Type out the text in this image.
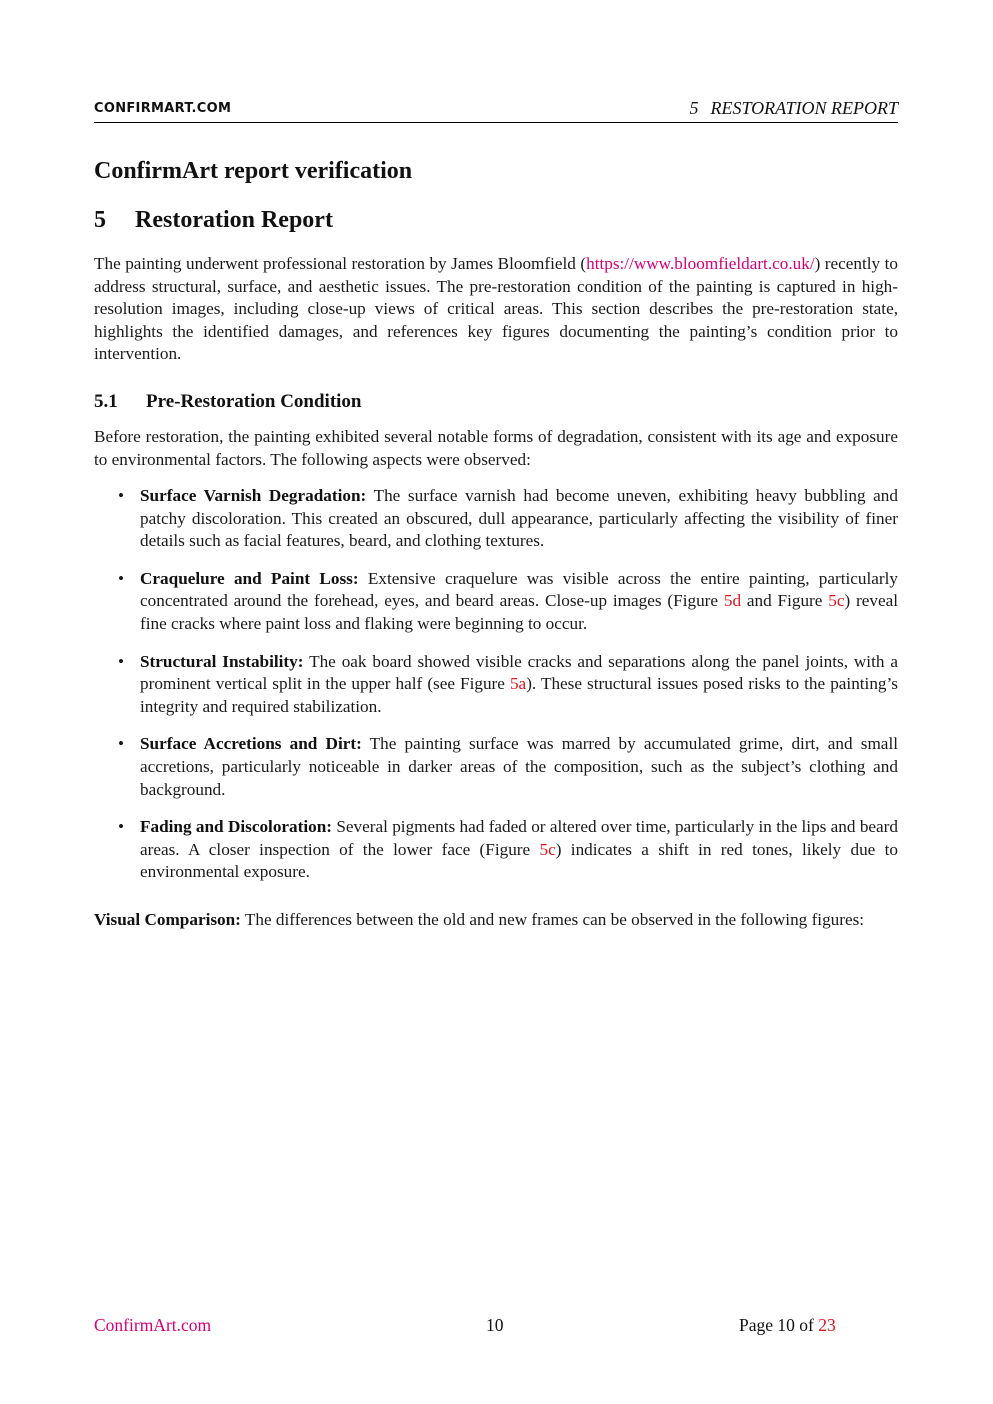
CONFIRMART.COM	5 RESTORATION REPORT
ConfirmArt report verification
5 Restoration Report

The painting underwent professional restoration by James Bloomfield (https://www.bloomfieldart.co.uk/) recently to address structural, surface, and aesthetic issues. The pre-restoration condition of the painting is captured in high-resolution images, including close-up views of critical areas. This section describes the pre-restoration state, highlights the identified damages, and references key figures documenting the painting’s condition prior to intervention.

5.1 Pre-Restoration Condition

Before restoration, the painting exhibited several notable forms of degradation, consistent with its age and exposure to environmental factors. The following aspects were observed:

• Surface Varnish Degradation: The surface varnish had become uneven, exhibiting heavy bubbling and patchy discoloration. This created an obscured, dull appearance, particularly affecting the visibility of finer details such as facial features, beard, and clothing textures.
• Craquelure and Paint Loss: Extensive craquelure was visible across the entire painting, particularly concentrated around the forehead, eyes, and beard areas. Close-up images (Figure 5d and Figure 5c) reveal fine cracks where paint loss and flaking were beginning to occur.
• Structural Instability: The oak board showed visible cracks and separations along the panel joints, with a prominent vertical split in the upper half (see Figure 5a). These structural issues posed risks to the painting’s integrity and required stabilization.
• Surface Accretions and Dirt: The painting surface was marred by accumulated grime, dirt, and small accretions, particularly noticeable in darker areas of the composition, such as the subject’s clothing and background.
• Fading and Discoloration: Several pigments had faded or altered over time, particularly in the lips and beard areas. A closer inspection of the lower face (Figure 5c) indicates a shift in red tones, likely due to environmental exposure.

Visual Comparison: The differences between the old and new frames can be observed in the following figures:

ConfirmArt.com	10	Page 10 of 23
